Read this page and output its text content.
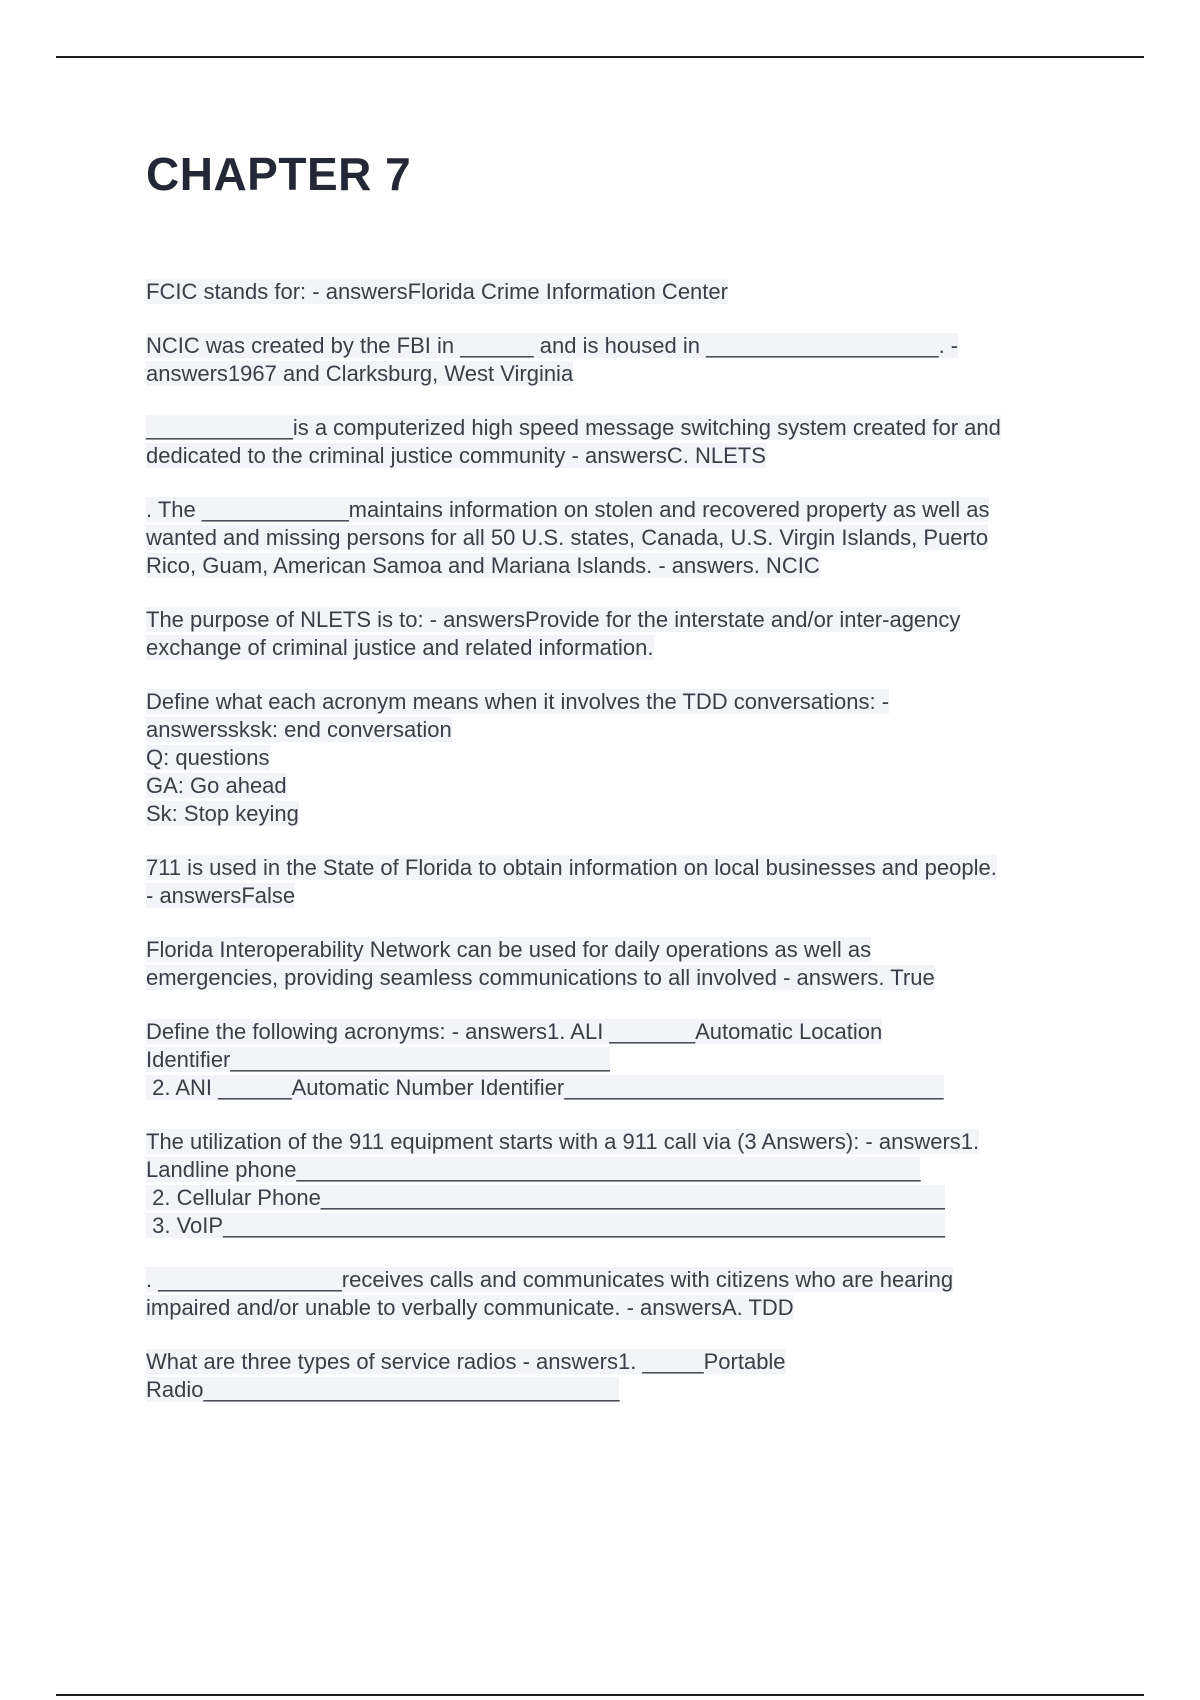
CHAPTER 7

FCIC stands for: - answersFlorida Crime Information Center

NCIC was created by the FBI in ______ and is housed in ___________________. -
answers1967 and Clarksburg, West Virginia

____________is a computerized high speed message switching system created for and
dedicated to the criminal justice community - answersC. NLETS

. The ____________maintains information on stolen and recovered property as well as
wanted and missing persons for all 50 U.S. states, Canada, U.S. Virgin Islands, Puerto
Rico, Guam, American Samoa and Mariana Islands. - answers. NCIC

The purpose of NLETS is to: - answersProvide for the interstate and/or inter-agency
exchange of criminal justice and related information.

Define what each acronym means when it involves the TDD conversations: -
answerssksk: end conversation
Q: questions
GA: Go ahead
Sk: Stop keying

711 is used in the State of Florida to obtain information on local businesses and people.
- answersFalse

Florida Interoperability Network can be used for daily operations as well as
emergencies, providing seamless communications to all involved - answers. True

Define the following acronyms: - answers1. ALI _______Automatic Location
Identifier_______________________________
2. ANI ______Automatic Number Identifier_______________________________

The utilization of the 911 equipment starts with a 911 call via (3 Answers): - answers1.
Landline phone___________________________________________________
2. Cellular Phone___________________________________________________
3. VoIP___________________________________________________________

. _______________receives calls and communicates with citizens who are hearing
impaired and/or unable to verbally communicate. - answersA. TDD

What are three types of service radios - answers1. _____Portable
Radio__________________________________
